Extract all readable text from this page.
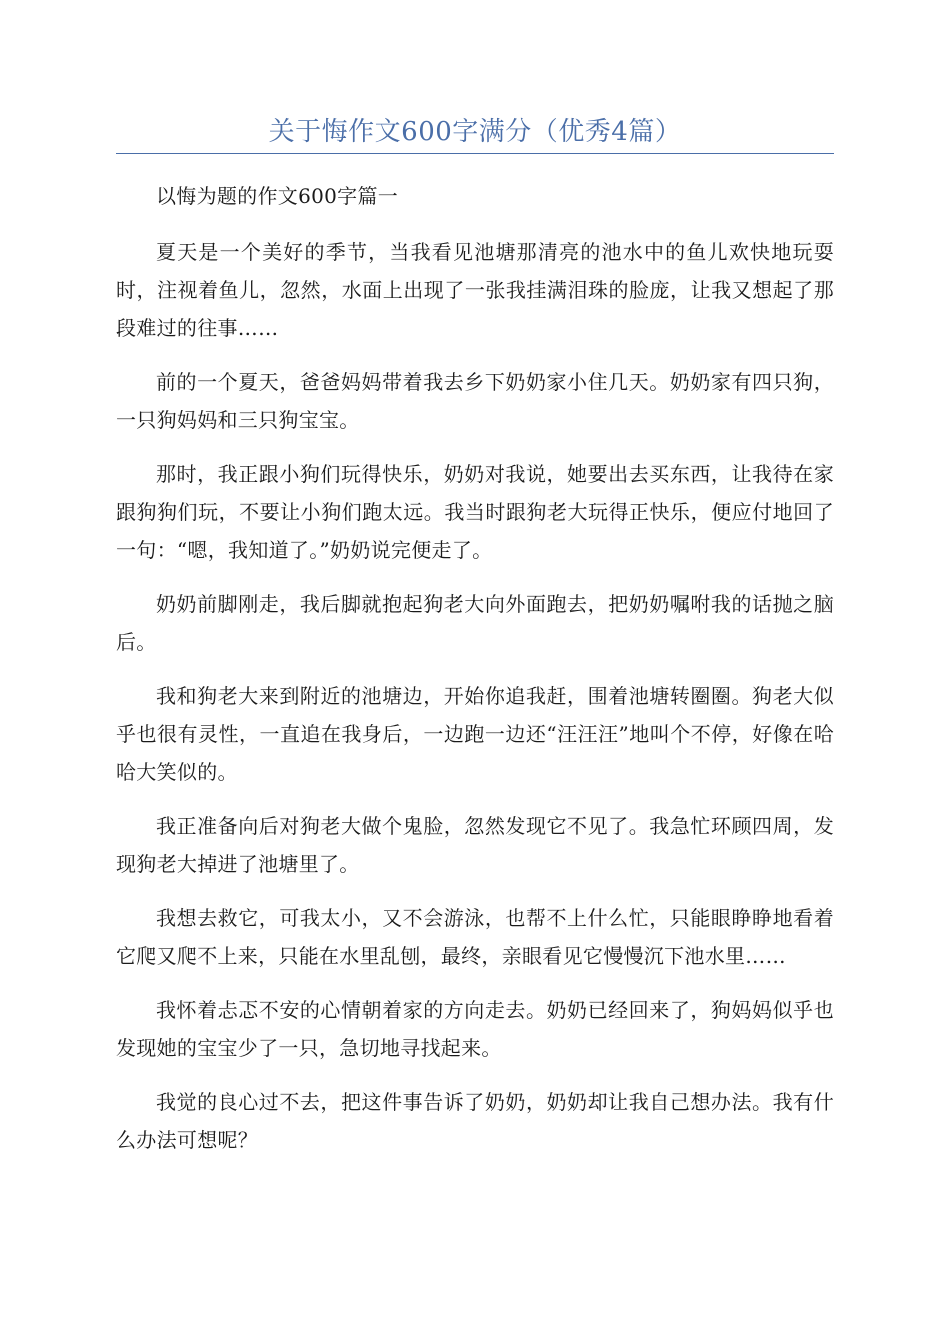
关于悔作文600字满分（优秀4篇）

以悔为题的作文600字篇一

夏天是一个美好的季节，当我看见池塘那清亮的池水中的鱼儿欢快地玩耍时，注视着鱼儿，忽然，水面上出现了一张我挂满泪珠的脸庞，让我又想起了那段难过的往事……

前的一个夏天，爸爸妈妈带着我去乡下奶奶家小住几天。奶奶家有四只狗，一只狗妈妈和三只狗宝宝。

那时，我正跟小狗们玩得快乐，奶奶对我说，她要出去买东西，让我待在家跟狗狗们玩，不要让小狗们跑太远。我当时跟狗老大玩得正快乐，便应付地回了一句：“嗯，我知道了。”奶奶说完便走了。

奶奶前脚刚走，我后脚就抱起狗老大向外面跑去，把奶奶嘱咐我的话抛之脑后。

我和狗老大来到附近的池塘边，开始你追我赶，围着池塘转圈圈。狗老大似乎也很有灵性，一直追在我身后，一边跑一边还“汪汪汪”地叫个不停，好像在哈哈大笑似的。

我正准备向后对狗老大做个鬼脸，忽然发现它不见了。我急忙环顾四周，发现狗老大掉进了池塘里了。

我想去救它，可我太小，又不会游泳，也帮不上什么忙，只能眼睁睁地看着它爬又爬不上来，只能在水里乱刨，最终，亲眼看见它慢慢沉下池水里……

我怀着忐忑不安的心情朝着家的方向走去。奶奶已经回来了，狗妈妈似乎也发现她的宝宝少了一只，急切地寻找起来。

我觉的良心过不去，把这件事告诉了奶奶，奶奶却让我自己想办法。我有什么办法可想呢？
